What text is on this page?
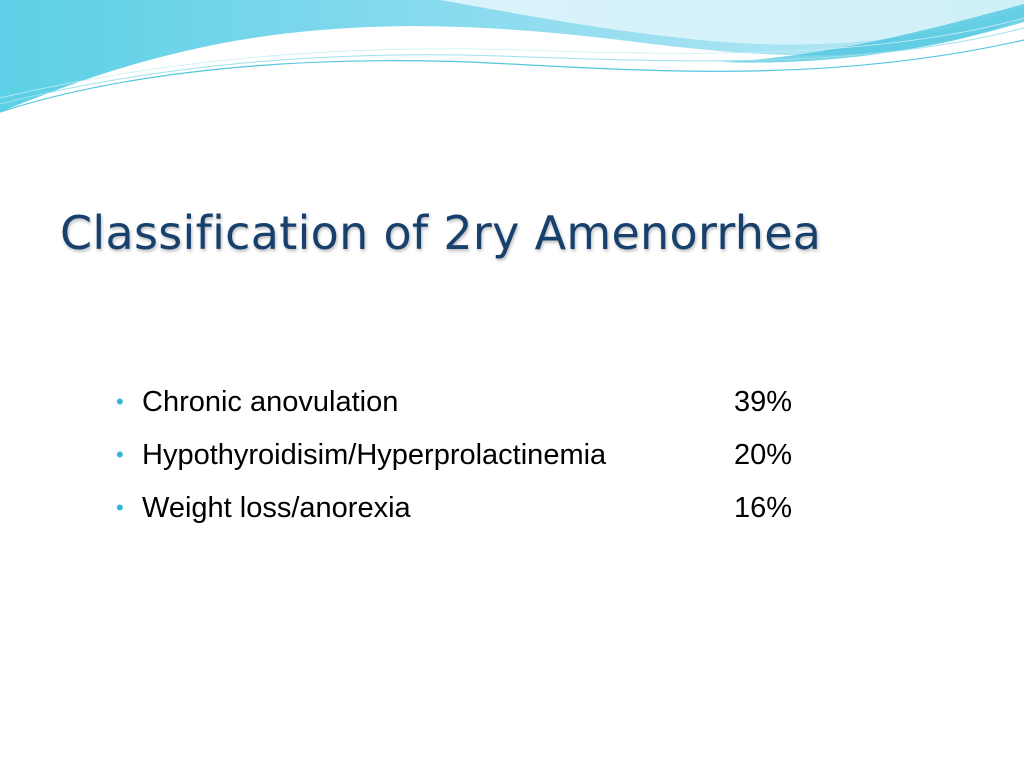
Classification of 2ry Amenorrhea
• Chronic anovulation	39%
• Hypothyroidisim/Hyperprolactinemia	20%
• Weight loss/anorexia	16%
